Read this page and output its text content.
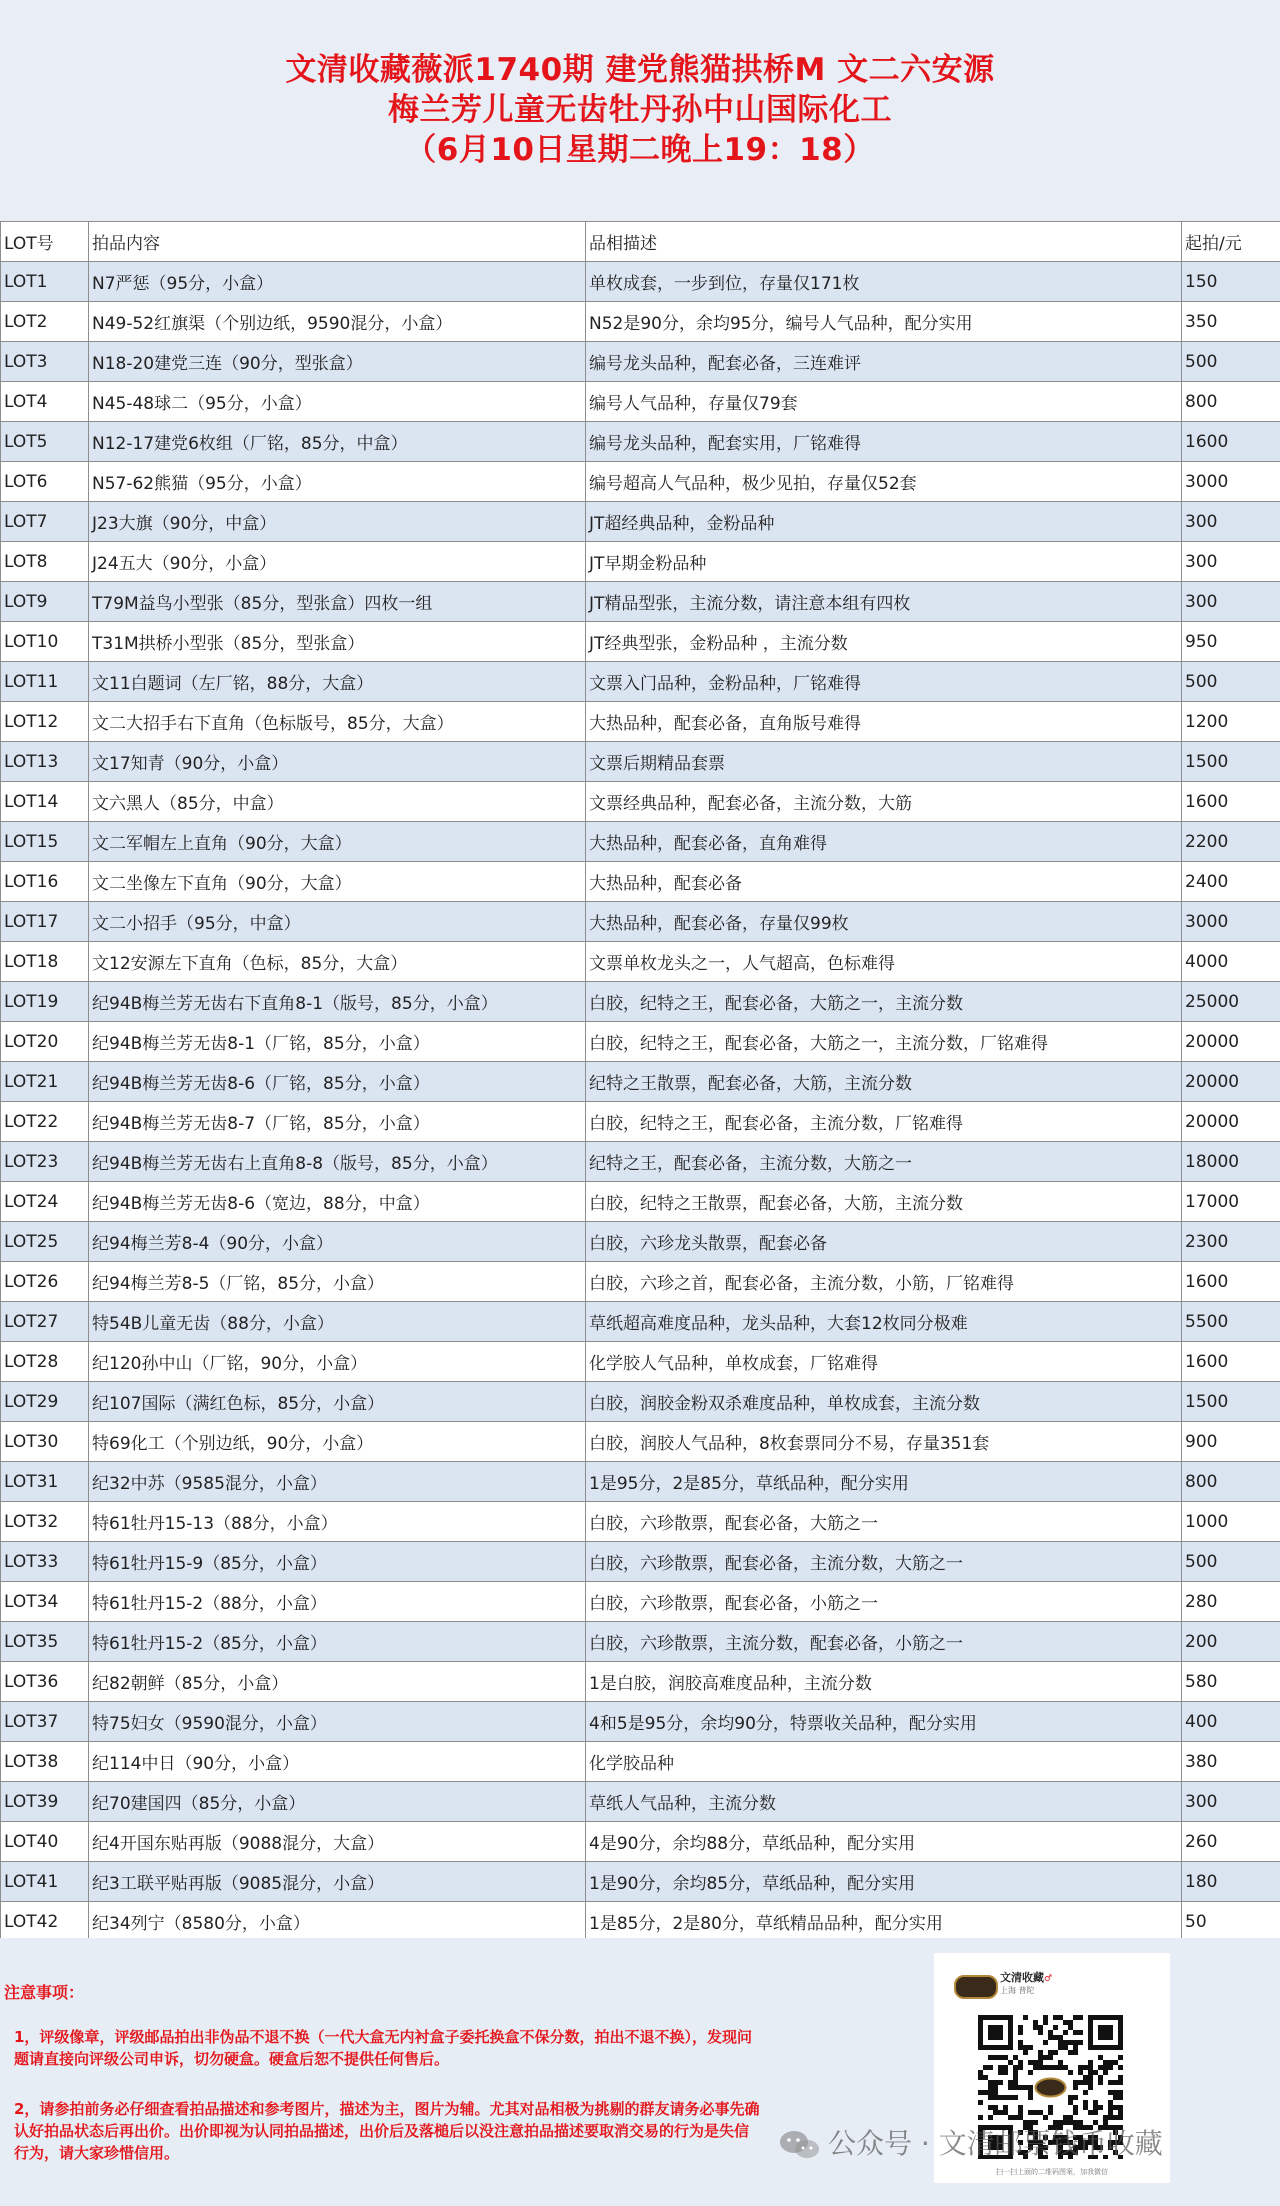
文清收藏薇派1740期 建党熊猫拱桥M 文二六安源
梅兰芳儿童无齿牡丹孙中山国际化工
（6月10日星期二晚上19：18）
LOT号	拍品内容	品相描述	起拍/元
LOT1	N7严惩（95分，小盒）	单枚成套，一步到位，存量仅171枚	150
LOT2	N49-52红旗渠（个别边纸，9590混分，小盒）	N52是90分，余均95分，编号人气品种，配分实用	350
LOT3	N18-20建党三连（90分，型张盒）	编号龙头品种，配套必备，三连难评	500
LOT4	N45-48球二（95分，小盒）	编号人气品种，存量仅79套	800
LOT5	N12-17建党6枚组（厂铭，85分，中盒）	编号龙头品种，配套实用，厂铭难得	1600
LOT6	N57-62熊猫（95分，小盒）	编号超高人气品种，极少见拍，存量仅52套	3000
LOT7	J23大旗（90分，中盒）	JT超经典品种，金粉品种	300
LOT8	J24五大（90分，小盒）	JT早期金粉品种	300
LOT9	T79M益鸟小型张（85分，型张盒）四枚一组	JT精品型张，主流分数，请注意本组有四枚	300
LOT10	T31M拱桥小型张（85分，型张盒）	JT经典型张，金粉品种 ，主流分数	950
LOT11	文11白题词（左厂铭，88分，大盒）	文票入门品种，金粉品种，厂铭难得	500
LOT12	文二大招手右下直角（色标版号，85分，大盒）	大热品种，配套必备，直角版号难得	1200
LOT13	文17知青（90分，小盒）	文票后期精品套票	1500
LOT14	文六黑人（85分，中盒）	文票经典品种，配套必备，主流分数，大筋	1600
LOT15	文二军帽左上直角（90分，大盒）	大热品种，配套必备，直角难得	2200
LOT16	文二坐像左下直角（90分，大盒）	大热品种，配套必备	2400
LOT17	文二小招手（95分，中盒）	大热品种，配套必备，存量仅99枚	3000
LOT18	文12安源左下直角（色标，85分，大盒）	文票单枚龙头之一，人气超高，色标难得	4000
LOT19	纪94B梅兰芳无齿右下直角8-1（版号，85分，小盒）	白胶，纪特之王，配套必备，大筋之一，主流分数	25000
LOT20	纪94B梅兰芳无齿8-1（厂铭，85分，小盒）	白胶，纪特之王，配套必备，大筋之一，主流分数，厂铭难得	20000
LOT21	纪94B梅兰芳无齿8-6（厂铭，85分，小盒）	纪特之王散票，配套必备，大筋，主流分数	20000
LOT22	纪94B梅兰芳无齿8-7（厂铭，85分，小盒）	白胶，纪特之王，配套必备，主流分数，厂铭难得	20000
LOT23	纪94B梅兰芳无齿右上直角8-8（版号，85分，小盒）	纪特之王，配套必备，主流分数，大筋之一	18000
LOT24	纪94B梅兰芳无齿8-6（宽边，88分，中盒）	白胶，纪特之王散票，配套必备，大筋，主流分数	17000
LOT25	纪94梅兰芳8-4（90分，小盒）	白胶，六珍龙头散票，配套必备	2300
LOT26	纪94梅兰芳8-5（厂铭，85分，小盒）	白胶，六珍之首，配套必备，主流分数，小筋，厂铭难得	1600
LOT27	特54B儿童无齿（88分，小盒）	草纸超高难度品种，龙头品种，大套12枚同分极难	5500
LOT28	纪120孙中山（厂铭，90分，小盒）	化学胶人气品种，单枚成套，厂铭难得	1600
LOT29	纪107国际（满红色标，85分，小盒）	白胶，润胶金粉双杀难度品种，单枚成套，主流分数	1500
LOT30	特69化工（个别边纸，90分，小盒）	白胶，润胶人气品种，8枚套票同分不易，存量351套	900
LOT31	纪32中苏（9585混分，小盒）	1是95分，2是85分，草纸品种，配分实用	800
LOT32	特61牡丹15-13（88分，小盒）	白胶，六珍散票，配套必备，大筋之一	1000
LOT33	特61牡丹15-9（85分，小盒）	白胶，六珍散票，配套必备，主流分数，大筋之一	500
LOT34	特61牡丹15-2（88分，小盒）	白胶，六珍散票，配套必备，小筋之一	280
LOT35	特61牡丹15-2（85分，小盒）	白胶，六珍散票，主流分数，配套必备，小筋之一	200
LOT36	纪82朝鲜（85分，小盒）	1是白胶，润胶高难度品种，主流分数	580
LOT37	特75妇女（9590混分，小盒）	4和5是95分，余均90分，特票收关品种，配分实用	400
LOT38	纪114中日（90分，小盒）	化学胶品种	380
LOT39	纪70建国四（85分，小盒）	草纸人气品种，主流分数	300
LOT40	纪4开国东贴再版（9088混分，大盒）	4是90分，余均88分，草纸品种，配分实用	260
LOT41	纪3工联平贴再版（9085混分，小盒）	1是90分，余均85分，草纸品种，配分实用	180
LOT42	纪34列宁（8580分，小盒）	1是85分，2是80分，草纸精品品种，配分实用	50
注意事项：
1，评级像章，评级邮品拍出非伪品不退不换（一代大盒无内衬盒子委托换盒不保分数，拍出不退不换），发现问题请直接向评级公司申诉，切勿硬盒。硬盒后恕不提供任何售后。
2，请参拍前务必仔细查看拍品描述和参考图片，描述为主，图片为辅。尤其对品相极为挑剔的群友请务必事先确认好拍品状态后再出价。出价即视为认同拍品描述，出价后及落槌后以没注意拍品描述要取消交易的行为是失信行为，请大家珍惜信用。
文清收藏♂
上海 普陀
扫一扫上面的二维码图案，加我微信
公众号 · 文清邮票钱币收藏
